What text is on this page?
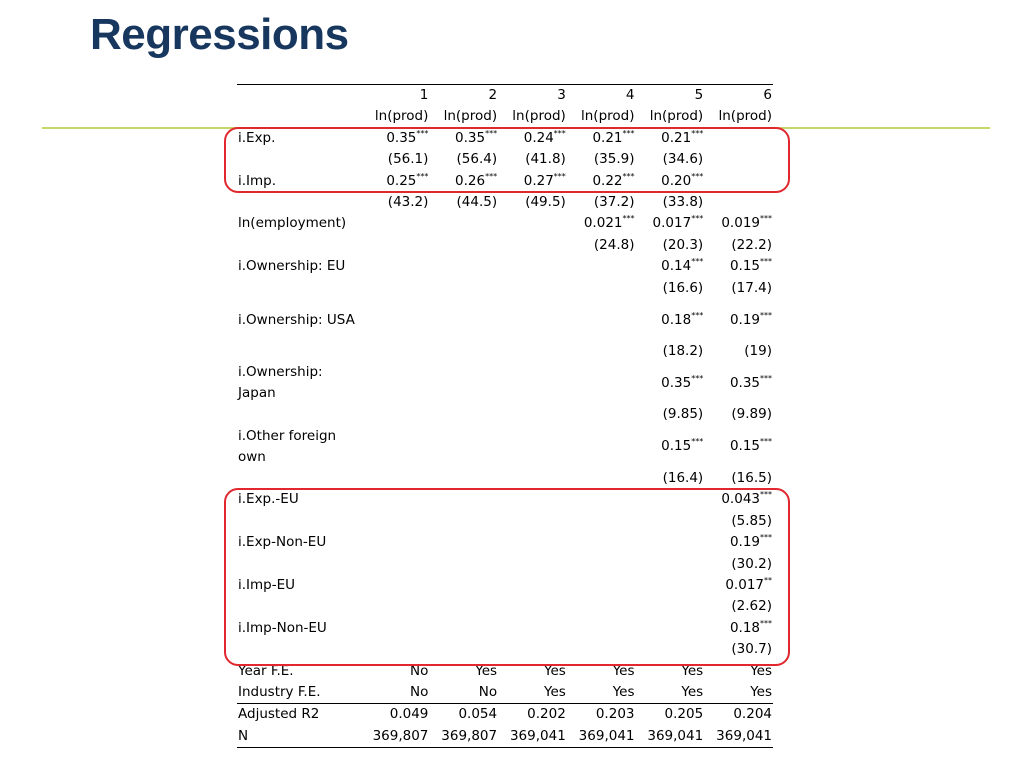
Regressions
	1	2	3	4	5	6
	ln(prod)	ln(prod)	ln(prod)	ln(prod)	ln(prod)	ln(prod)
i.Exp.	0.35***	0.35***	0.24***	0.21***	0.21***	
	(56.1)	(56.4)	(41.8)	(35.9)	(34.6)	
i.Imp.	0.25***	0.26***	0.27***	0.22***	0.20***	
	(43.2)	(44.5)	(49.5)	(37.2)	(33.8)	
ln(employment)				0.021***	0.017***	0.019***
				(24.8)	(20.3)	(22.2)
i.Ownership: EU					0.14***	0.15***
					(16.6)	(17.4)
i.Ownership: USA					0.18***	0.19***
					(18.2)	(19)
i.Ownership: Japan					0.35***	0.35***
					(9.85)	(9.89)
i.Other foreign own					0.15***	0.15***
					(16.4)	(16.5)
i.Exp.-EU						0.043***
						(5.85)
i.Exp-Non-EU						0.19***
						(30.2)
i.Imp-EU						0.017**
						(2.62)
i.Imp-Non-EU						0.18***
						(30.7)
Year F.E.	No	Yes	Yes	Yes	Yes	Yes
Industry F.E.	No	No	Yes	Yes	Yes	Yes
Adjusted R2	0.049	0.054	0.202	0.203	0.205	0.204
N	369,807	369,807	369,041	369,041	369,041	369,041
